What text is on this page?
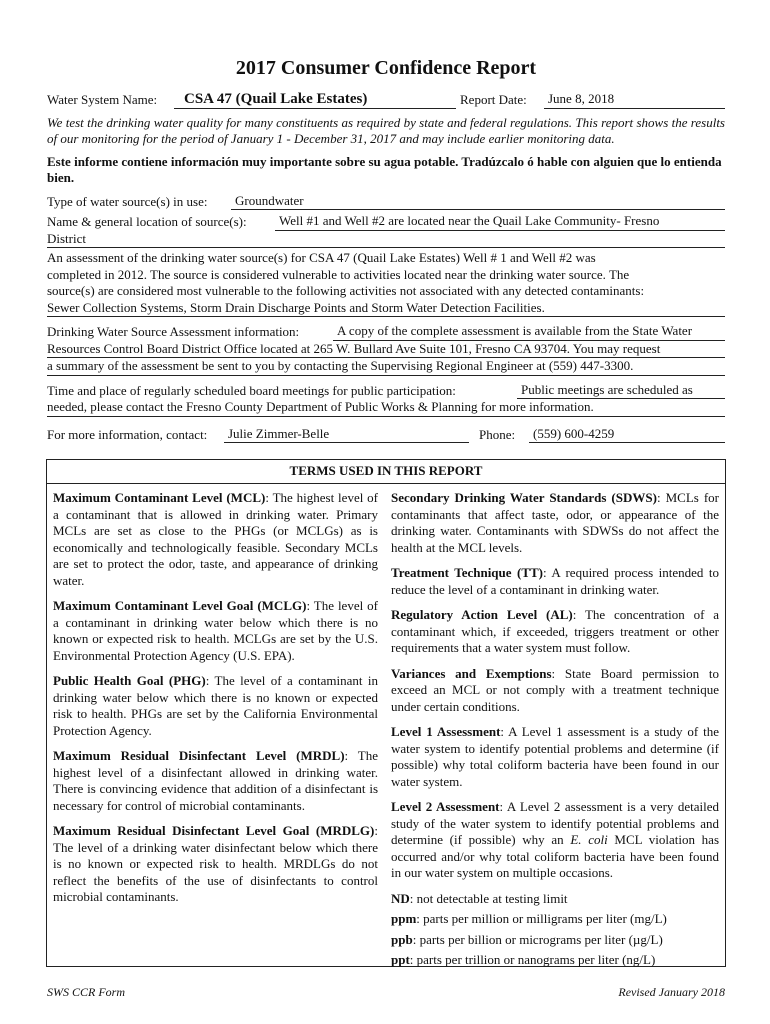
2017 Consumer Confidence Report
Water System Name:	CSA 47 (Quail Lake Estates)	Report Date:	June 8, 2018

We test the drinking water quality for many constituents as required by state and federal regulations. This report shows the results of our monitoring for the period of January 1 - December 31, 2017 and may include earlier monitoring data.

Este informe contiene información muy importante sobre su agua potable. Tradúzcalo ó hable con alguien que lo entienda bien.

Type of water source(s) in use:	Groundwater
Name & general location of source(s):	Well #1 and Well #2 are located near the Quail Lake Community- Fresno
District
An assessment of the drinking water source(s) for CSA 47 (Quail Lake Estates) Well # 1 and Well #2 was
completed in 2012. The source is considered vulnerable to activities located near the drinking water source. The
source(s) are considered most vulnerable to the following activities not associated with any detected contaminants:
Sewer Collection Systems, Storm Drain Discharge Points and Storm Water Detection Facilities.
Drinking Water Source Assessment information:	A copy of the complete assessment is available from the State Water
Resources Control Board District Office located at 265 W. Bullard Ave Suite 101, Fresno CA 93704. You may request
a summary of the assessment be sent to you by contacting the Supervising Regional Engineer at (559) 447-3300.
Time and place of regularly scheduled board meetings for public participation:	Public meetings are scheduled as
needed, please contact the Fresno County Department of Public Works & Planning for more information.
For more information, contact:	Julie Zimmer-Belle	Phone:	(559) 600-4259
TERMS USED IN THIS REPORT

Maximum Contaminant Level (MCL): The highest level of a contaminant that is allowed in drinking water. Primary MCLs are set as close to the PHGs (or MCLGs) as is economically and technologically feasible. Secondary MCLs are set to protect the odor, taste, and appearance of drinking water.

Maximum Contaminant Level Goal (MCLG): The level of a contaminant in drinking water below which there is no known or expected risk to health. MCLGs are set by the U.S. Environmental Protection Agency (U.S. EPA).

Public Health Goal (PHG): The level of a contaminant in drinking water below which there is no known or expected risk to health. PHGs are set by the California Environmental Protection Agency.

Maximum Residual Disinfectant Level (MRDL): The highest level of a disinfectant allowed in drinking water. There is convincing evidence that addition of a disinfectant is necessary for control of microbial contaminants.

Maximum Residual Disinfectant Level Goal (MRDLG): The level of a drinking water disinfectant below which there is no known or expected risk to health. MRDLGs do not reflect the benefits of the use of disinfectants to control microbial contaminants.

Secondary Drinking Water Standards (SDWS): MCLs for contaminants that affect taste, odor, or appearance of the drinking water. Contaminants with SDWSs do not affect the health at the MCL levels.

Treatment Technique (TT): A required process intended to reduce the level of a contaminant in drinking water.

Regulatory Action Level (AL): The concentration of a contaminant which, if exceeded, triggers treatment or other requirements that a water system must follow.

Variances and Exemptions: State Board permission to exceed an MCL or not comply with a treatment technique under certain conditions.

Level 1 Assessment: A Level 1 assessment is a study of the water system to identify potential problems and determine (if possible) why total coliform bacteria have been found in our water system.

Level 2 Assessment: A Level 2 assessment is a very detailed study of the water system to identify potential problems and determine (if possible) why an E. coli MCL violation has occurred and/or why total coliform bacteria have been found in our water system on multiple occasions.

ND: not detectable at testing limit

ppm: parts per million or milligrams per liter (mg/L)

ppb: parts per billion or micrograms per liter (µg/L)

ppt: parts per trillion or nanograms per liter (ng/L)

SWS CCR Form	Revised January 2018
